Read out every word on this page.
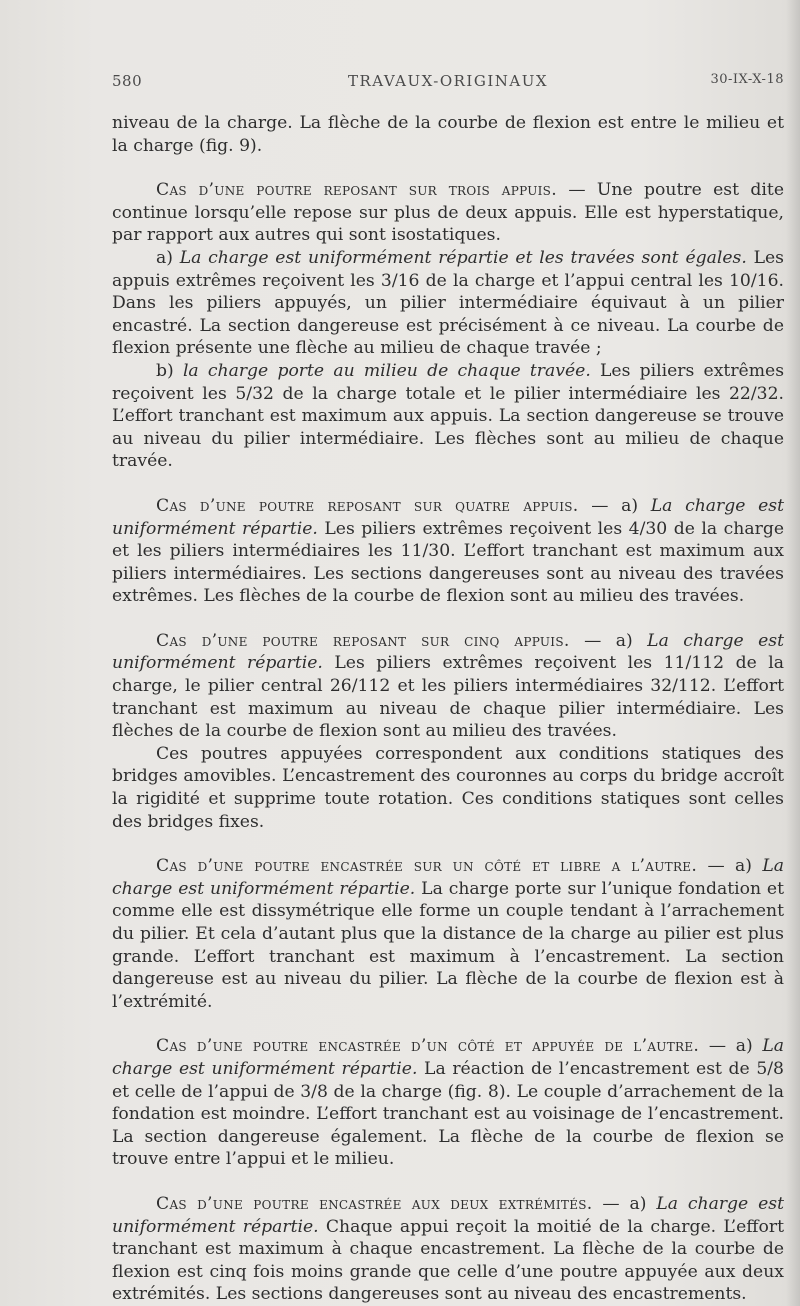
580	TRAVAUX-ORIGINAUX	30-IX-X-18

niveau de la charge. La flèche de la courbe de flexion est entre le milieu et la charge (fig. 9).

Cas d’une poutre reposant sur trois appuis. — Une poutre est dite continue lorsqu’elle repose sur plus de deux appuis. Elle est hyperstatique, par rapport aux autres qui sont isostatiques.

a) La charge est uniformément répartie et les travées sont égales. Les appuis extrêmes reçoivent les 3/16 de la charge et l’appui central les 10/16. Dans les piliers appuyés, un pilier intermédiaire équivaut à un pilier encastré. La section dangereuse est précisément à ce niveau. La courbe de flexion présente une flèche au milieu de chaque travée ;

b) la charge porte au milieu de chaque travée. Les piliers extrêmes reçoivent les 5/32 de la charge totale et le pilier intermédiaire les 22/32. L’effort tranchant est maximum aux appuis. La section dangereuse se trouve au niveau du pilier intermédiaire. Les flèches sont au milieu de chaque travée.

Cas d’une poutre reposant sur quatre appuis. — a) La charge est uniformément répartie. Les piliers extrêmes reçoivent les 4/30 de la charge et les piliers intermédiaires les 11/30. L’effort tranchant est maximum aux piliers intermédiaires. Les sections dangereuses sont au niveau des travées extrêmes. Les flèches de la courbe de flexion sont au milieu des travées.

Cas d’une poutre reposant sur cinq appuis. — a) La charge est uniformément répartie. Les piliers extrêmes reçoivent les 11/112 de la charge, le pilier central 26/112 et les piliers intermédiaires 32/112. L’effort tranchant est maximum au niveau de chaque pilier intermédiaire. Les flèches de la courbe de flexion sont au milieu des travées.

Ces poutres appuyées correspondent aux conditions statiques des bridges amovibles. L’encastrement des couronnes au corps du bridge accroît la rigidité et supprime toute rotation. Ces conditions statiques sont celles des bridges fixes.

Cas d’une poutre encastrée sur un côté et libre a l’autre. — a) La charge est uniformément répartie. La charge porte sur l’unique fondation et comme elle est dissymétrique elle forme un couple tendant à l’arrachement du pilier. Et cela d’autant plus que la distance de la charge au pilier est plus grande. L’effort tranchant est maximum à l’encastrement. La section dangereuse est au niveau du pilier. La flèche de la courbe de flexion est à l’extrémité.

Cas d’une poutre encastrée d’un côté et appuyée de l’autre. — a) La charge est uniformément répartie. La réaction de l’encastrement est de 5/8 et celle de l’appui de 3/8 de la charge (fig. 8). Le couple d’arrachement de la fondation est moindre. L’effort tranchant est au voisinage de l’encastrement. La section dangereuse également. La flèche de la courbe de flexion se trouve entre l’appui et le milieu.

Cas d’une poutre encastrée aux deux extrémités. — a) La charge est uniformément répartie. Chaque appui reçoit la moitié de la charge. L’effort tranchant est maximum à chaque encastrement. La flèche de la courbe de flexion est cinq fois moins grande que celle d’une poutre appuyée aux deux extrémités. Les sections dangereuses sont au niveau des encastrements.
